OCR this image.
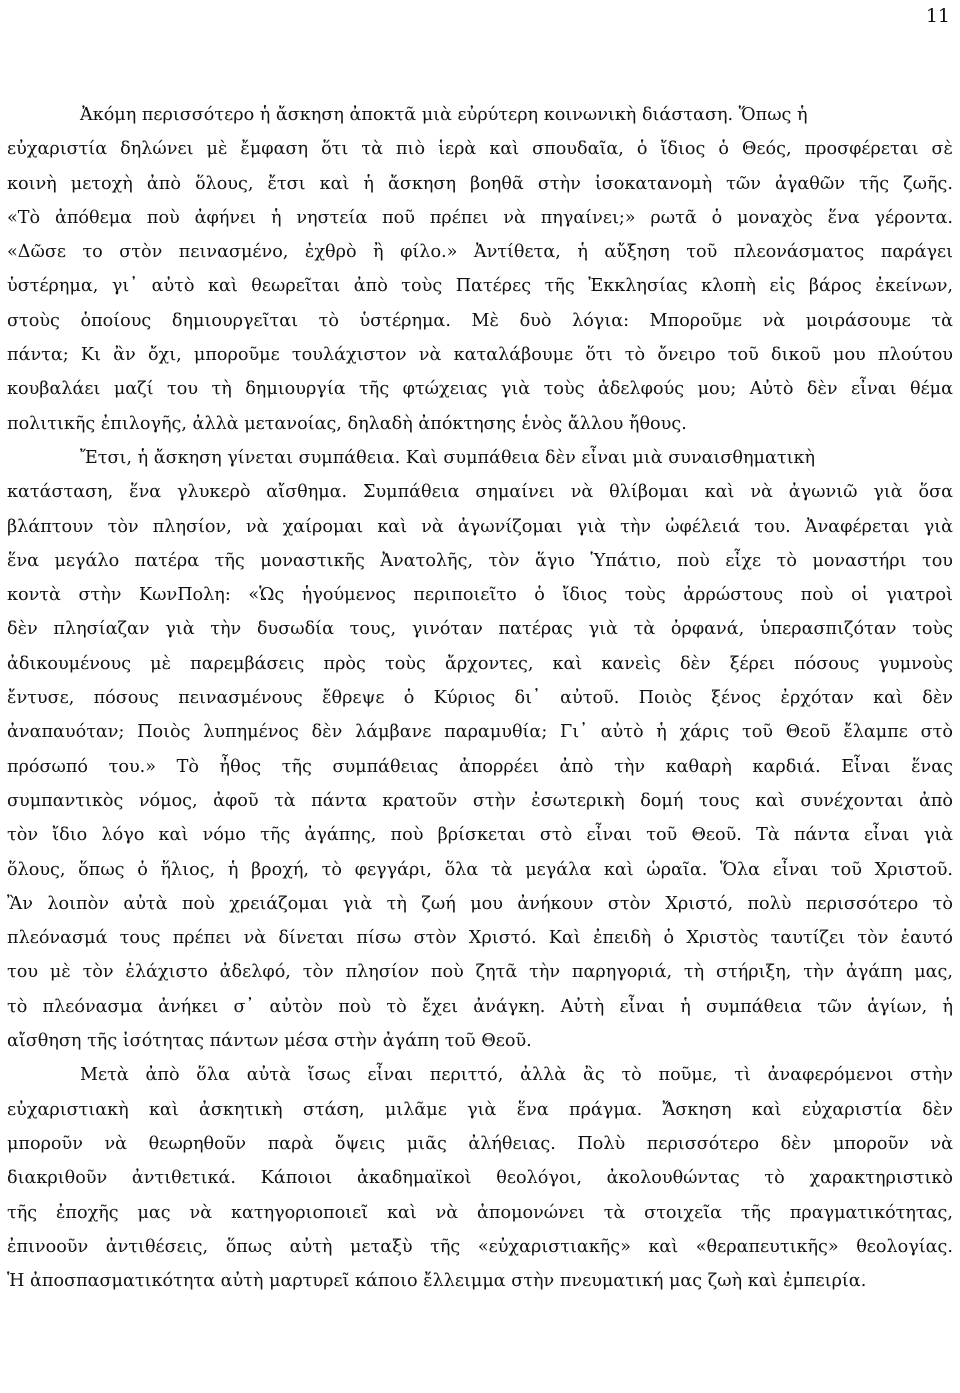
11
Ἀκόμη περισσότερο ἡ ἄσκηση ἀποκτᾶ μιὰ εὐρύτερη κοινωνικὴ διάσταση. Ὅπως ἡ
εὐχαριστία δηλώνει μὲ ἔμφαση ὅτι τὰ πιὸ ἱερὰ καὶ σπουδαῖα, ὁ ἴδιος ὁ Θεός, προσφέρεται σὲ
κοινὴ μετοχὴ ἀπὸ ὅλους, ἔτσι καὶ ἡ ἄσκηση βοηθᾶ στὴν ἰσοκατανομὴ τῶν ἀγαθῶν τῆς ζωῆς.
«Τὸ ἀπόθεμα ποὺ ἀφήνει ἡ νηστεία ποῦ πρέπει νὰ πηγαίνει;» ρωτᾶ ὁ μοναχὸς ἕνα γέροντα.
«Δῶσε το στὸν πεινασμένο, ἐχθρὸ ἢ φίλο.» Ἀντίθετα, ἡ αὔξηση τοῦ πλεονάσματος παράγει
ὑστέρημα, γι᾽ αὐτὸ καὶ θεωρεῖται ἀπὸ τοὺς Πατέρες τῆς Ἐκκλησίας κλοπὴ εἰς βάρος ἐκείνων,
στοὺς ὁποίους δημιουργεῖται τὸ ὑστέρημα. Μὲ δυὸ λόγια: Μποροῦμε νὰ μοιράσουμε τὰ
πάντα; Κι ἂν ὄχι, μποροῦμε τουλάχιστον νὰ καταλάβουμε ὅτι τὸ ὄνειρο τοῦ δικοῦ μου πλούτου
κουβαλάει μαζί του τὴ δημιουργία τῆς φτώχειας γιὰ τοὺς ἀδελφούς μου; Αὐτὸ δὲν εἶναι θέμα
πολιτικῆς ἐπιλογῆς, ἀλλὰ μετανοίας, δηλαδὴ ἀπόκτησης ἑνὸς ἄλλου ἤθους.
Ἔτσι, ἡ ἄσκηση γίνεται συμπάθεια. Καὶ συμπάθεια δὲν εἶναι μιὰ συναισθηματικὴ
κατάσταση, ἕνα γλυκερὸ αἴσθημα. Συμπάθεια σημαίνει νὰ θλίβομαι καὶ νὰ ἀγωνιῶ γιὰ ὅσα
βλάπτουν τὸν πλησίον, νὰ χαίρομαι καὶ νὰ ἀγωνίζομαι γιὰ τὴν ὠφέλειά του. Ἀναφέρεται γιὰ
ἕνα μεγάλο πατέρα τῆς μοναστικῆς Ἀνατολῆς, τὸν ἅγιο Ὑπάτιο, ποὺ εἶχε τὸ μοναστήρι του
κοντὰ στὴν ΚωνΠολη: «Ὡς ἡγούμενος περιποιεῖτο ὁ ἴδιος τοὺς ἀρρώστους ποὺ οἱ γιατροὶ
δὲν πλησίαζαν γιὰ τὴν δυσωδία τους, γινόταν πατέρας γιὰ τὰ ὀρφανά, ὑπερασπιζόταν τοὺς
ἀδικουμένους μὲ παρεμβάσεις πρὸς τοὺς ἄρχοντες, καὶ κανεὶς δὲν ξέρει πόσους γυμνοὺς
ἔντυσε, πόσους πεινασμένους ἔθρεψε ὁ Κύριος δι᾽ αὐτοῦ. Ποιὸς ξένος ἐρχόταν καὶ δὲν
ἀναπαυόταν; Ποιὸς λυπημένος δὲν λάμβανε παραμυθία; Γι᾽ αὐτὸ ἡ χάρις τοῦ Θεοῦ ἔλαμπε στὸ
πρόσωπό του.» Τὸ ἦθος τῆς συμπάθειας ἀπορρέει ἀπὸ τὴν καθαρὴ καρδιά. Εἶναι ἕνας
συμπαντικὸς νόμος, ἀφοῦ τὰ πάντα κρατοῦν στὴν ἐσωτερικὴ δομή τους καὶ συνέχονται ἀπὸ
τὸν ἴδιο λόγο καὶ νόμο τῆς ἀγάπης, ποὺ βρίσκεται στὸ εἶναι τοῦ Θεοῦ. Τὰ πάντα εἶναι γιὰ
ὅλους, ὅπως ὁ ἥλιος, ἡ βροχή, τὸ φεγγάρι, ὅλα τὰ μεγάλα καὶ ὡραῖα. Ὅλα εἶναι τοῦ Χριστοῦ.
Ἂν λοιπὸν αὐτὰ ποὺ χρειάζομαι γιὰ τὴ ζωή μου ἀνήκουν στὸν Χριστό, πολὺ περισσότερο τὸ
πλεόνασμά τους πρέπει νὰ δίνεται πίσω στὸν Χριστό. Καὶ ἐπειδὴ ὁ Χριστὸς ταυτίζει τὸν ἑαυτό
του μὲ τὸν ἐλάχιστο ἀδελφό, τὸν πλησίον ποὺ ζητᾶ τὴν παρηγοριά, τὴ στήριξη, τὴν ἀγάπη μας,
τὸ πλεόνασμα ἀνήκει σ᾽ αὐτὸν ποὺ τὸ ἔχει ἀνάγκη. Αὐτὴ εἶναι ἡ συμπάθεια τῶν ἁγίων, ἡ
αἴσθηση τῆς ἰσότητας πάντων μέσα στὴν ἀγάπη τοῦ Θεοῦ.
Μετὰ ἀπὸ ὅλα αὐτὰ ἴσως εἶναι περιττό, ἀλλὰ ἂς τὸ ποῦμε, τὶ ἀναφερόμενοι στὴν
εὐχαριστιακὴ καὶ ἀσκητικὴ στάση, μιλᾶμε γιὰ ἕνα πράγμα. Ἄσκηση καὶ εὐχαριστία δὲν
μποροῦν νὰ θεωρηθοῦν παρὰ ὄψεις μιᾶς ἀλήθειας. Πολὺ περισσότερο δὲν μποροῦν νὰ
διακριθοῦν ἀντιθετικά. Κάποιοι ἀκαδημαϊκοὶ θεολόγοι, ἀκολουθώντας τὸ χαρακτηριστικὸ
τῆς ἐποχῆς μας νὰ κατηγοριοποιεῖ καὶ νὰ ἀπομονώνει τὰ στοιχεῖα τῆς πραγματικότητας,
ἐπινοοῦν ἀντιθέσεις, ὅπως αὐτὴ μεταξὺ τῆς «εὐχαριστιακῆς» καὶ «θεραπευτικῆς» θεολογίας.
Ἡ ἀποσπασματικότητα αὐτὴ μαρτυρεῖ κάποιο ἔλλειμμα στὴν πνευματική μας ζωὴ καὶ ἐμπειρία.
